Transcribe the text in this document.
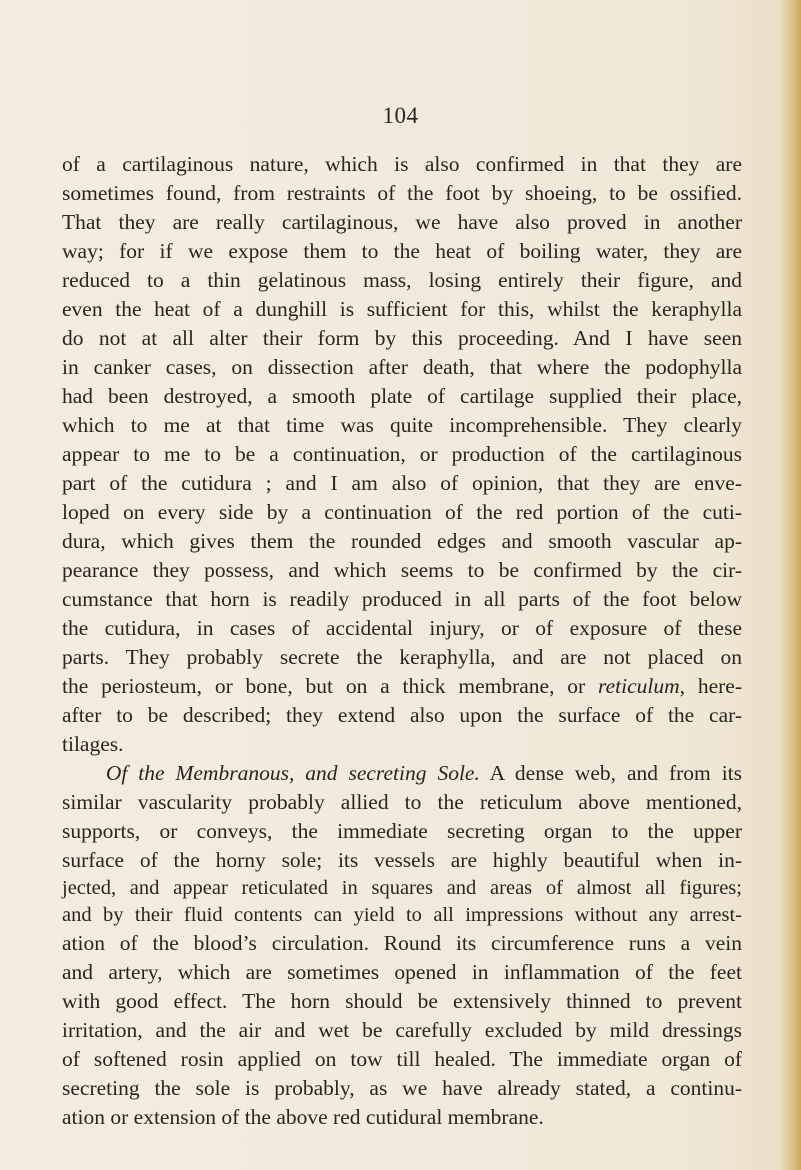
104
of a cartilaginous nature, which is also confirmed in that they are
sometimes found, from restraints of the foot by shoeing, to be ossified.
That they are really cartilaginous, we have also proved in another
way; for if we expose them to the heat of boiling water, they are
reduced to a thin gelatinous mass, losing entirely their figure, and
even the heat of a dunghill is sufficient for this, whilst the keraphylla
do not at all alter their form by this proceeding. And I have seen
in canker cases, on dissection after death, that where the podophylla
had been destroyed, a smooth plate of cartilage supplied their place,
which to me at that time was quite incomprehensible. They clearly
appear to me to be a continuation, or production of the cartilaginous
part of the cutidura ; and I am also of opinion, that they are enve-
loped on every side by a continuation of the red portion of the cuti-
dura, which gives them the rounded edges and smooth vascular ap-
pearance they possess, and which seems to be confirmed by the cir-
cumstance that horn is readily produced in all parts of the foot below
the cutidura, in cases of accidental injury, or of exposure of these
parts. They probably secrete the keraphylla, and are not placed on
the periosteum, or bone, but on a thick membrane, or reticulum, here-
after to be described; they extend also upon the surface of the car-
tilages.
Of the Membranous, and secreting Sole. A dense web, and from its
similar vascularity probably allied to the reticulum above mentioned,
supports, or conveys, the immediate secreting organ to the upper
surface of the horny sole; its vessels are highly beautiful when in-
jected, and appear reticulated in squares and areas of almost all figures;
and by their fluid contents can yield to all impressions without any arrest-
ation of the blood’s circulation. Round its circumference runs a vein
and artery, which are sometimes opened in inflammation of the feet
with good effect. The horn should be extensively thinned to prevent
irritation, and the air and wet be carefully excluded by mild dressings
of softened rosin applied on tow till healed. The immediate organ of
secreting the sole is probably, as we have already stated, a continu-
ation or extension of the above red cutidural membrane.
